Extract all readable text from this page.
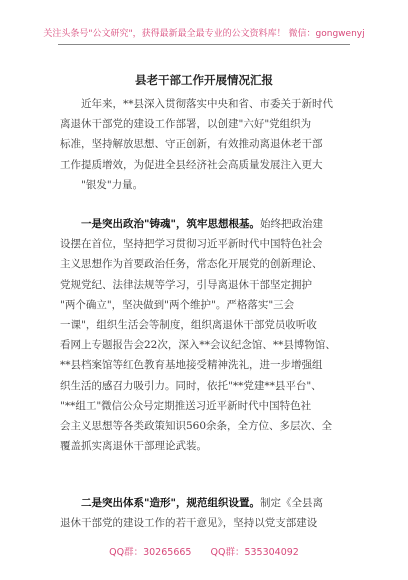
关注头条号"公文研究"，获得最新最全最专业的公文资料库！ 微信：gongwenyj
县老干部工作开展情况汇报
近年来，**县深入贯彻落实中央和省、市委关于新时代
离退休干部党的建设工作部署，以创建"六好"党组织为
标准，坚持解放思想、守正创新，有效推动离退休老干部
工作提质增效，为促进全县经济社会高质量发展注入更大
"银发"力量。
一是突出政治"铸魂"，筑牢思想根基。始终把政治建
设摆在首位，坚持把学习贯彻习近平新时代中国特色社会
主义思想作为首要政治任务，常态化开展党的创新理论、
党规党纪、法律法规等学习，引导离退休干部坚定拥护
"两个确立"，坚决做到"两个维护"。严格落实"三会
一课"，组织生活会等制度，组织离退休干部党员收听收
看网上专题报告会22次，深入**会议纪念馆、**县博物馆、
**县档案馆等红色教育基地接受精神洗礼，进一步增强组
织生活的感召力吸引力。同时，依托"**党建**县平台"、
"**组工"微信公众号定期推送习近平新时代中国特色社
会主义思想等各类政策知识560余条，全方位、多层次、全
覆盖抓实离退休干部理论武装。
二是突出体系"造形"，规范组织设置。制定《全县离
退休干部党的建设工作的若干意见》，坚持以党支部建设
QQ群：30265665 QQ群：535304092
